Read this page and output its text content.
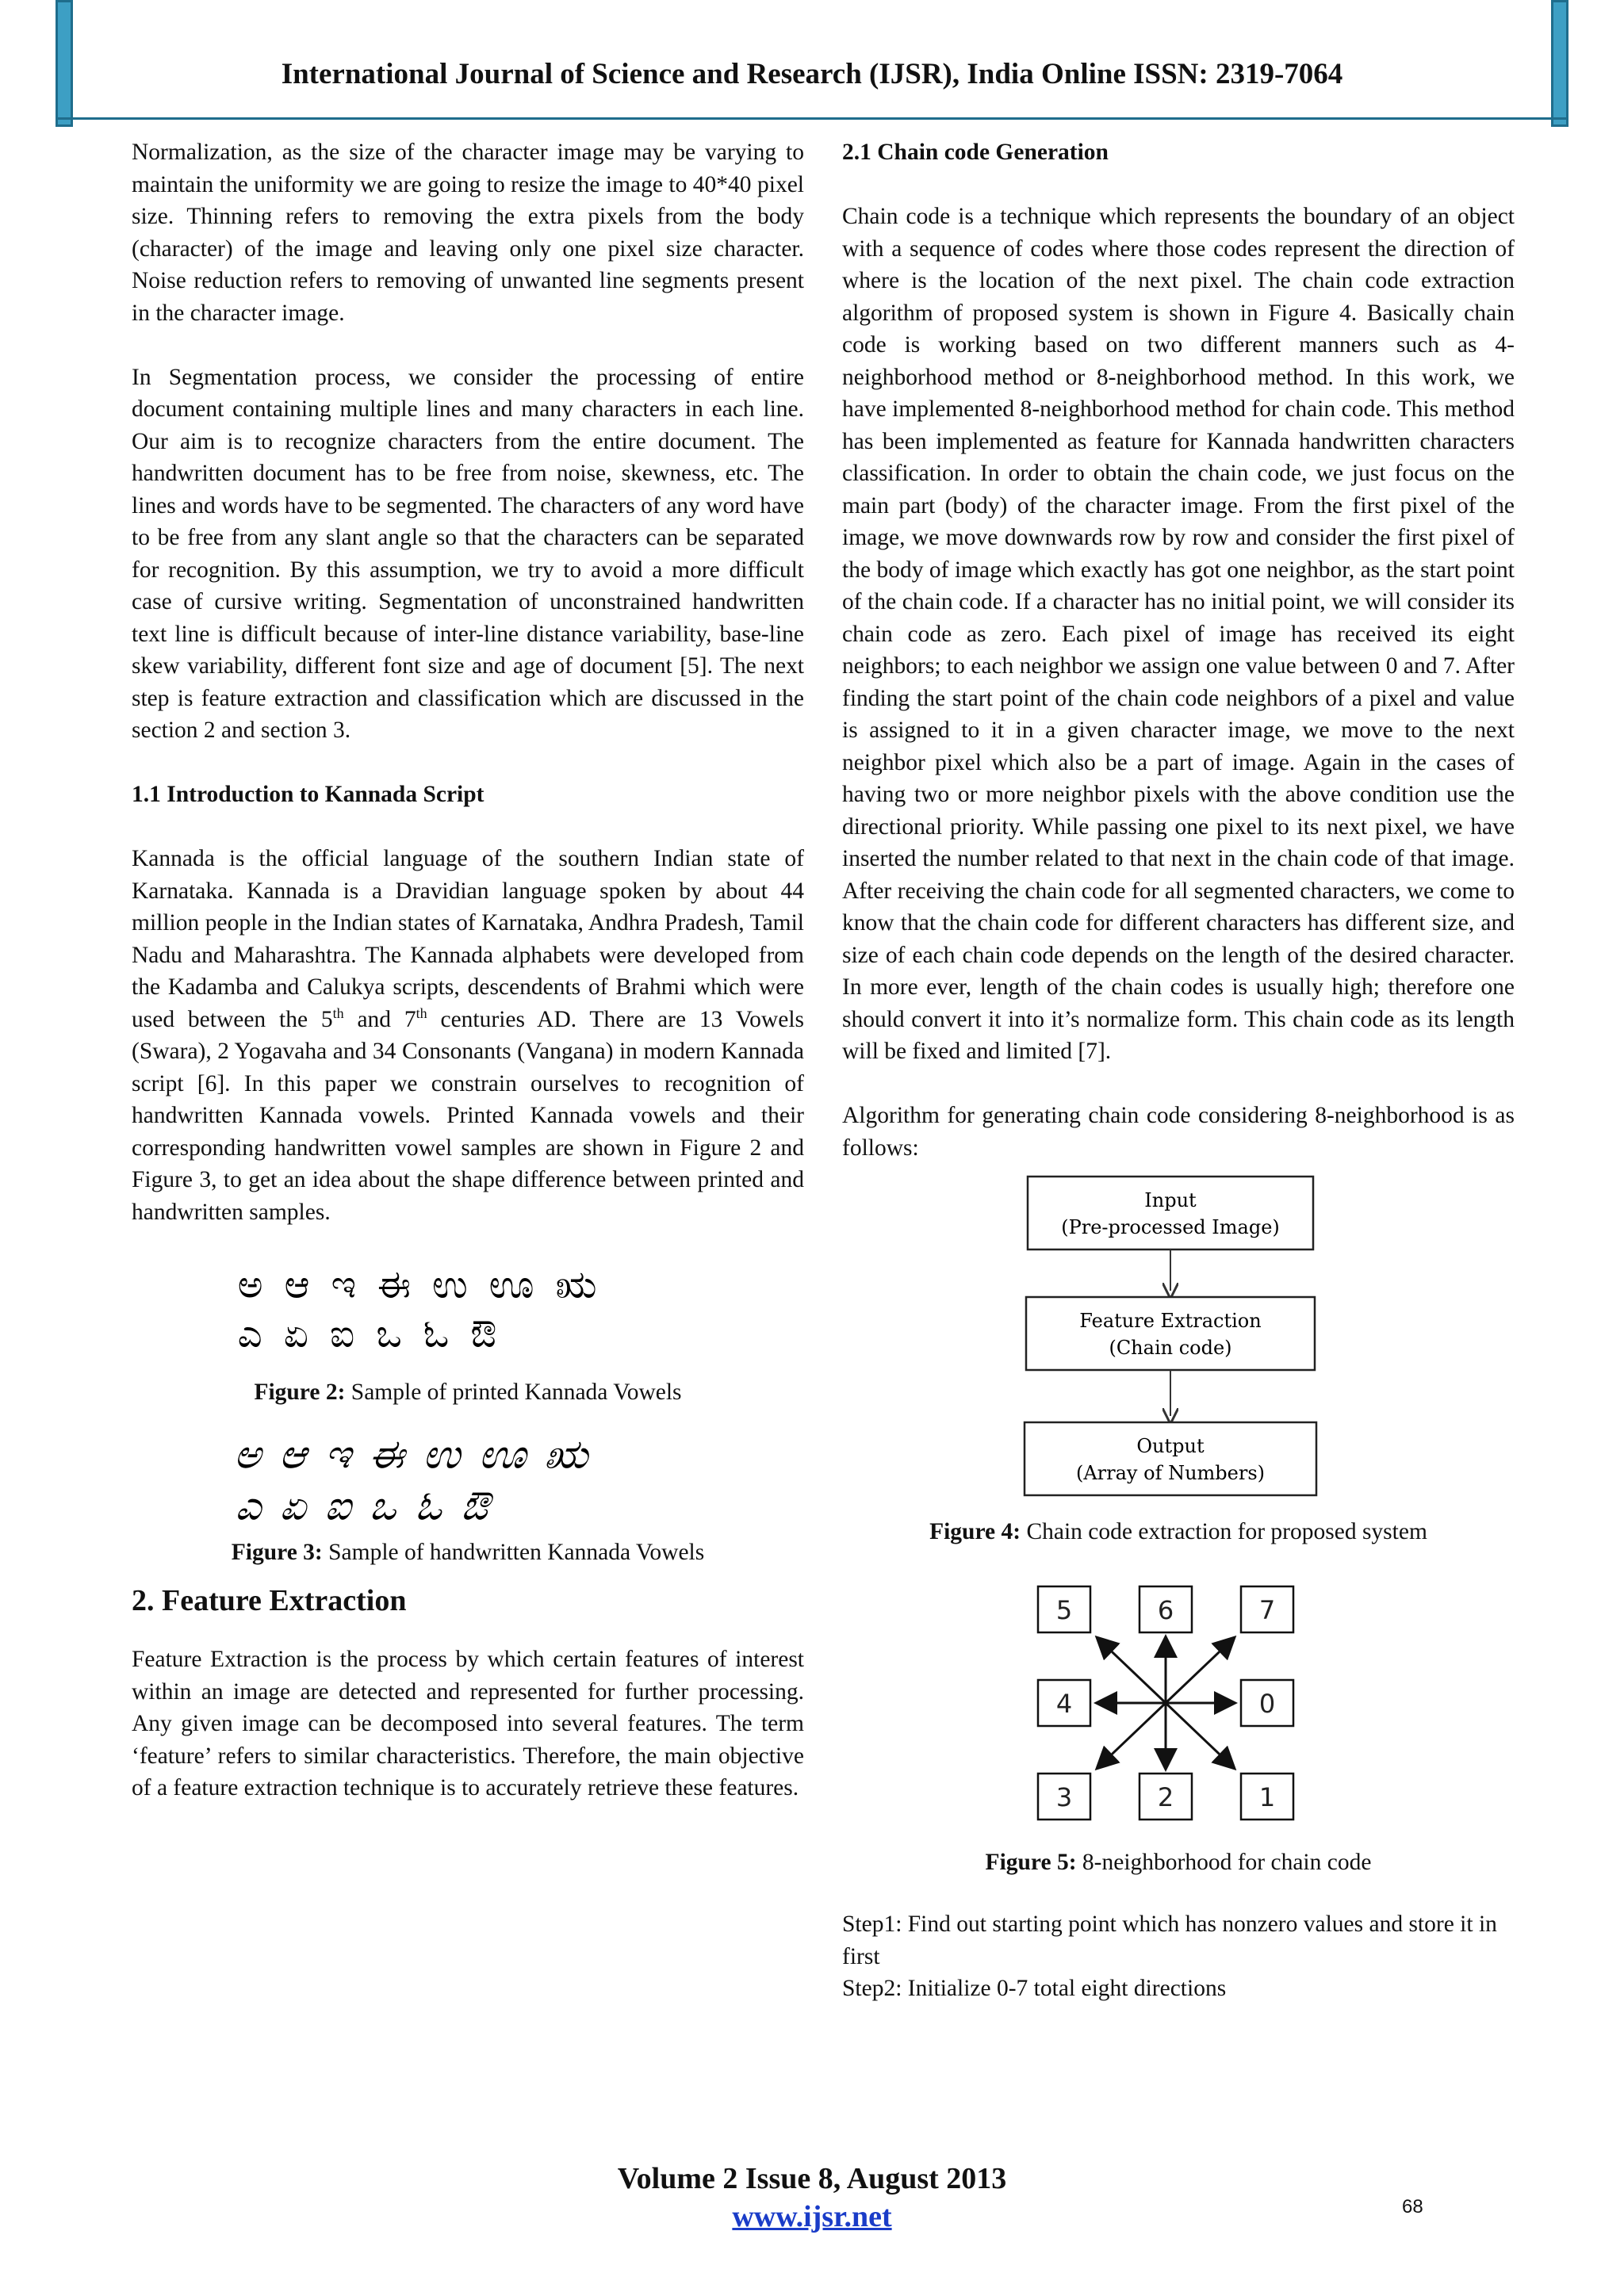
International Journal of Science and Research (IJSR), India Online ISSN: 2319-7064

Normalization, as the size of the character image may be varying to maintain the uniformity we are going to resize the image to 40*40 pixel size. Thinning refers to removing the extra pixels from the body (character) of the image and leaving only one pixel size character. Noise reduction refers to removing of unwanted line segments present in the character image.

In Segmentation process, we consider the processing of entire document containing multiple lines and many characters in each line. Our aim is to recognize characters from the entire document. The handwritten document has to be free from noise, skewness, etc. The lines and words have to be segmented. The characters of any word have to be free from any slant angle so that the characters can be separated for recognition. By this assumption, we try to avoid a more difficult case of cursive writing. Segmentation of unconstrained handwritten text line is difficult because of inter-line distance variability, base-line skew variability, different font size and age of document [5]. The next step is feature extraction and classification which are discussed in the section 2 and section 3.

1.1 Introduction to Kannada Script

Kannada is the official language of the southern Indian state of Karnataka. Kannada is a Dravidian language spoken by about 44 million people in the Indian states of Karnataka, Andhra Pradesh, Tamil Nadu and Maharashtra. The Kannada alphabets were developed from the Kadamba and Calukya scripts, descendents of Brahmi which were used between the 5th and 7th centuries AD. There are 13 Vowels (Swara), 2 Yogavaha and 34 Consonants (Vangana) in modern Kannada script [6]. In this paper we constrain ourselves to recognition of handwritten Kannada vowels. Printed Kannada vowels and their corresponding handwritten vowel samples are shown in Figure 2 and Figure 3, to get an idea about the shape difference between printed and handwritten samples.

ಅ ಆ ಇ ಈ ಉ ಊ ಋ
ಎ ಏ ಐ ಒ ಓ ಔ

Figure 2: Sample of printed Kannada Vowels

ಅ ಆ ಇ ಈ ಉ ಊ ಋ
ಎ ಏ ಐ ಒ ಓ ಔ

Figure 3: Sample of handwritten Kannada Vowels

2. Feature Extraction

Feature Extraction is the process by which certain features of interest within an image are detected and represented for further processing. Any given image can be decomposed into several features. The term ‘feature’ refers to similar characteristics. Therefore, the main objective of a feature extraction technique is to accurately retrieve these features.

2.1 Chain code Generation

Chain code is a technique which represents the boundary of an object with a sequence of codes where those codes represent the direction of where is the location of the next pixel. The chain code extraction algorithm of proposed system is shown in Figure 4. Basically chain code is working based on two different manners such as 4- neighborhood method or 8-neighborhood method. In this work, we have implemented 8-neighborhood method for chain code. This method has been implemented as feature for Kannada handwritten characters classification. In order to obtain the chain code, we just focus on the main part (body) of the character image. From the first pixel of the image, we move downwards row by row and consider the first pixel of the body of image which exactly has got one neighbor, as the start point of the chain code. If a character has no initial point, we will consider its chain code as zero. Each pixel of image has received its eight neighbors; to each neighbor we assign one value between 0 and 7. After finding the start point of the chain code neighbors of a pixel and value is assigned to it in a given character image, we move to the next neighbor pixel which also be a part of image. Again in the cases of having two or more neighbor pixels with the above condition use the directional priority. While passing one pixel to its next pixel, we have inserted the number related to that next in the chain code of that image. After receiving the chain code for all segmented characters, we come to know that the chain code for different characters has different size, and size of each chain code depends on the length of the desired character. In more ever, length of the chain codes is usually high; therefore one should convert it into it’s normalize form. This chain code as its length will be fixed and limited [7].

Algorithm for generating chain code considering 8-neighborhood is as follows:

Input
(Pre-processed Image)
Feature Extraction
(Chain code)
Output
(Array of Numbers)

Figure 4: Chain code extraction for proposed system

5	6	7
4	0
3	2	1

Figure 5: 8-neighborhood for chain code

Step1: Find out starting point which has nonzero values and store it in first

Step2: Initialize 0-7 total eight directions

Volume 2 Issue 8, August 2013
www.ijsr.net	68
